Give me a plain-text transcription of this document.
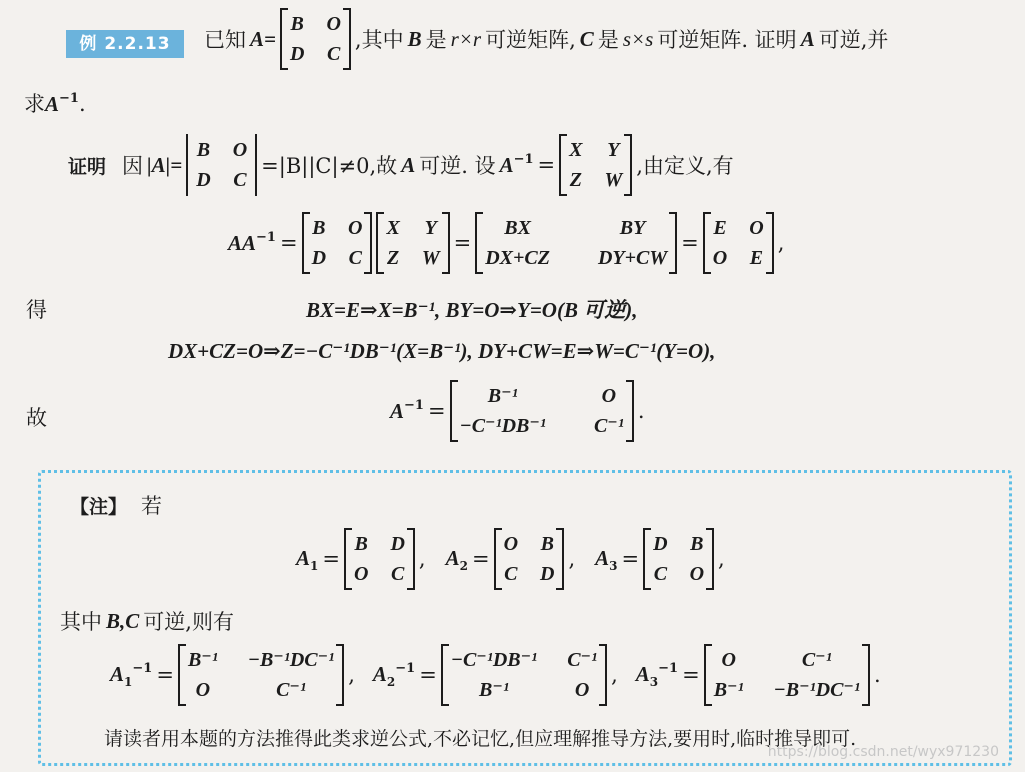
例 2.2.13	已知 A=
B O
D C
,其中 B 是 r×r 可逆矩阵, C 是 s×s 可逆矩阵. 证明 A 可逆,并
求$A^{-1}$.
证明 因 |A|=
B O
D C
=|B||C|≠0,故 A 可逆. 设 $A^{-1}$ =
X Y
Z W
,由定义,有
$AA^{-1}$ =
B O
D C
X Y
Z W
=
BX	BY
DX+CZ DY+CW
=
E O
O E
,
得	BX=E⇒X=B⁻¹, BY=O⇒Y=O(B 可逆),
DX+CZ=O⇒Z=−C⁻¹DB⁻¹(X=B⁻¹), DY+CW=E⇒W=C⁻¹(Y=O),
故	$A^{-1}$ =
B⁻¹	O
−C⁻¹DB⁻¹ C⁻¹
.
【注】 若
$A_1$ =
B D
O C
, $A_2$ =
O B
C D
, $A_3$ =
D B
C O
,
其中 B,C 可逆,则有
$A_1^{-1}$ =
B⁻¹ −B⁻¹DC⁻¹
O	C⁻¹
, $A_2^{-1}$ =
−C⁻¹DB⁻¹ C⁻¹
B⁻¹	O
, $A_3^{-1}$ =
O	C⁻¹
B⁻¹ −B⁻¹DC⁻¹
.
请读者用本题的方法推得此类求逆公式,不必记忆,但应理解推导方法,要用时,临时推导即可.
https://blog.csdn.net/wyx971230
